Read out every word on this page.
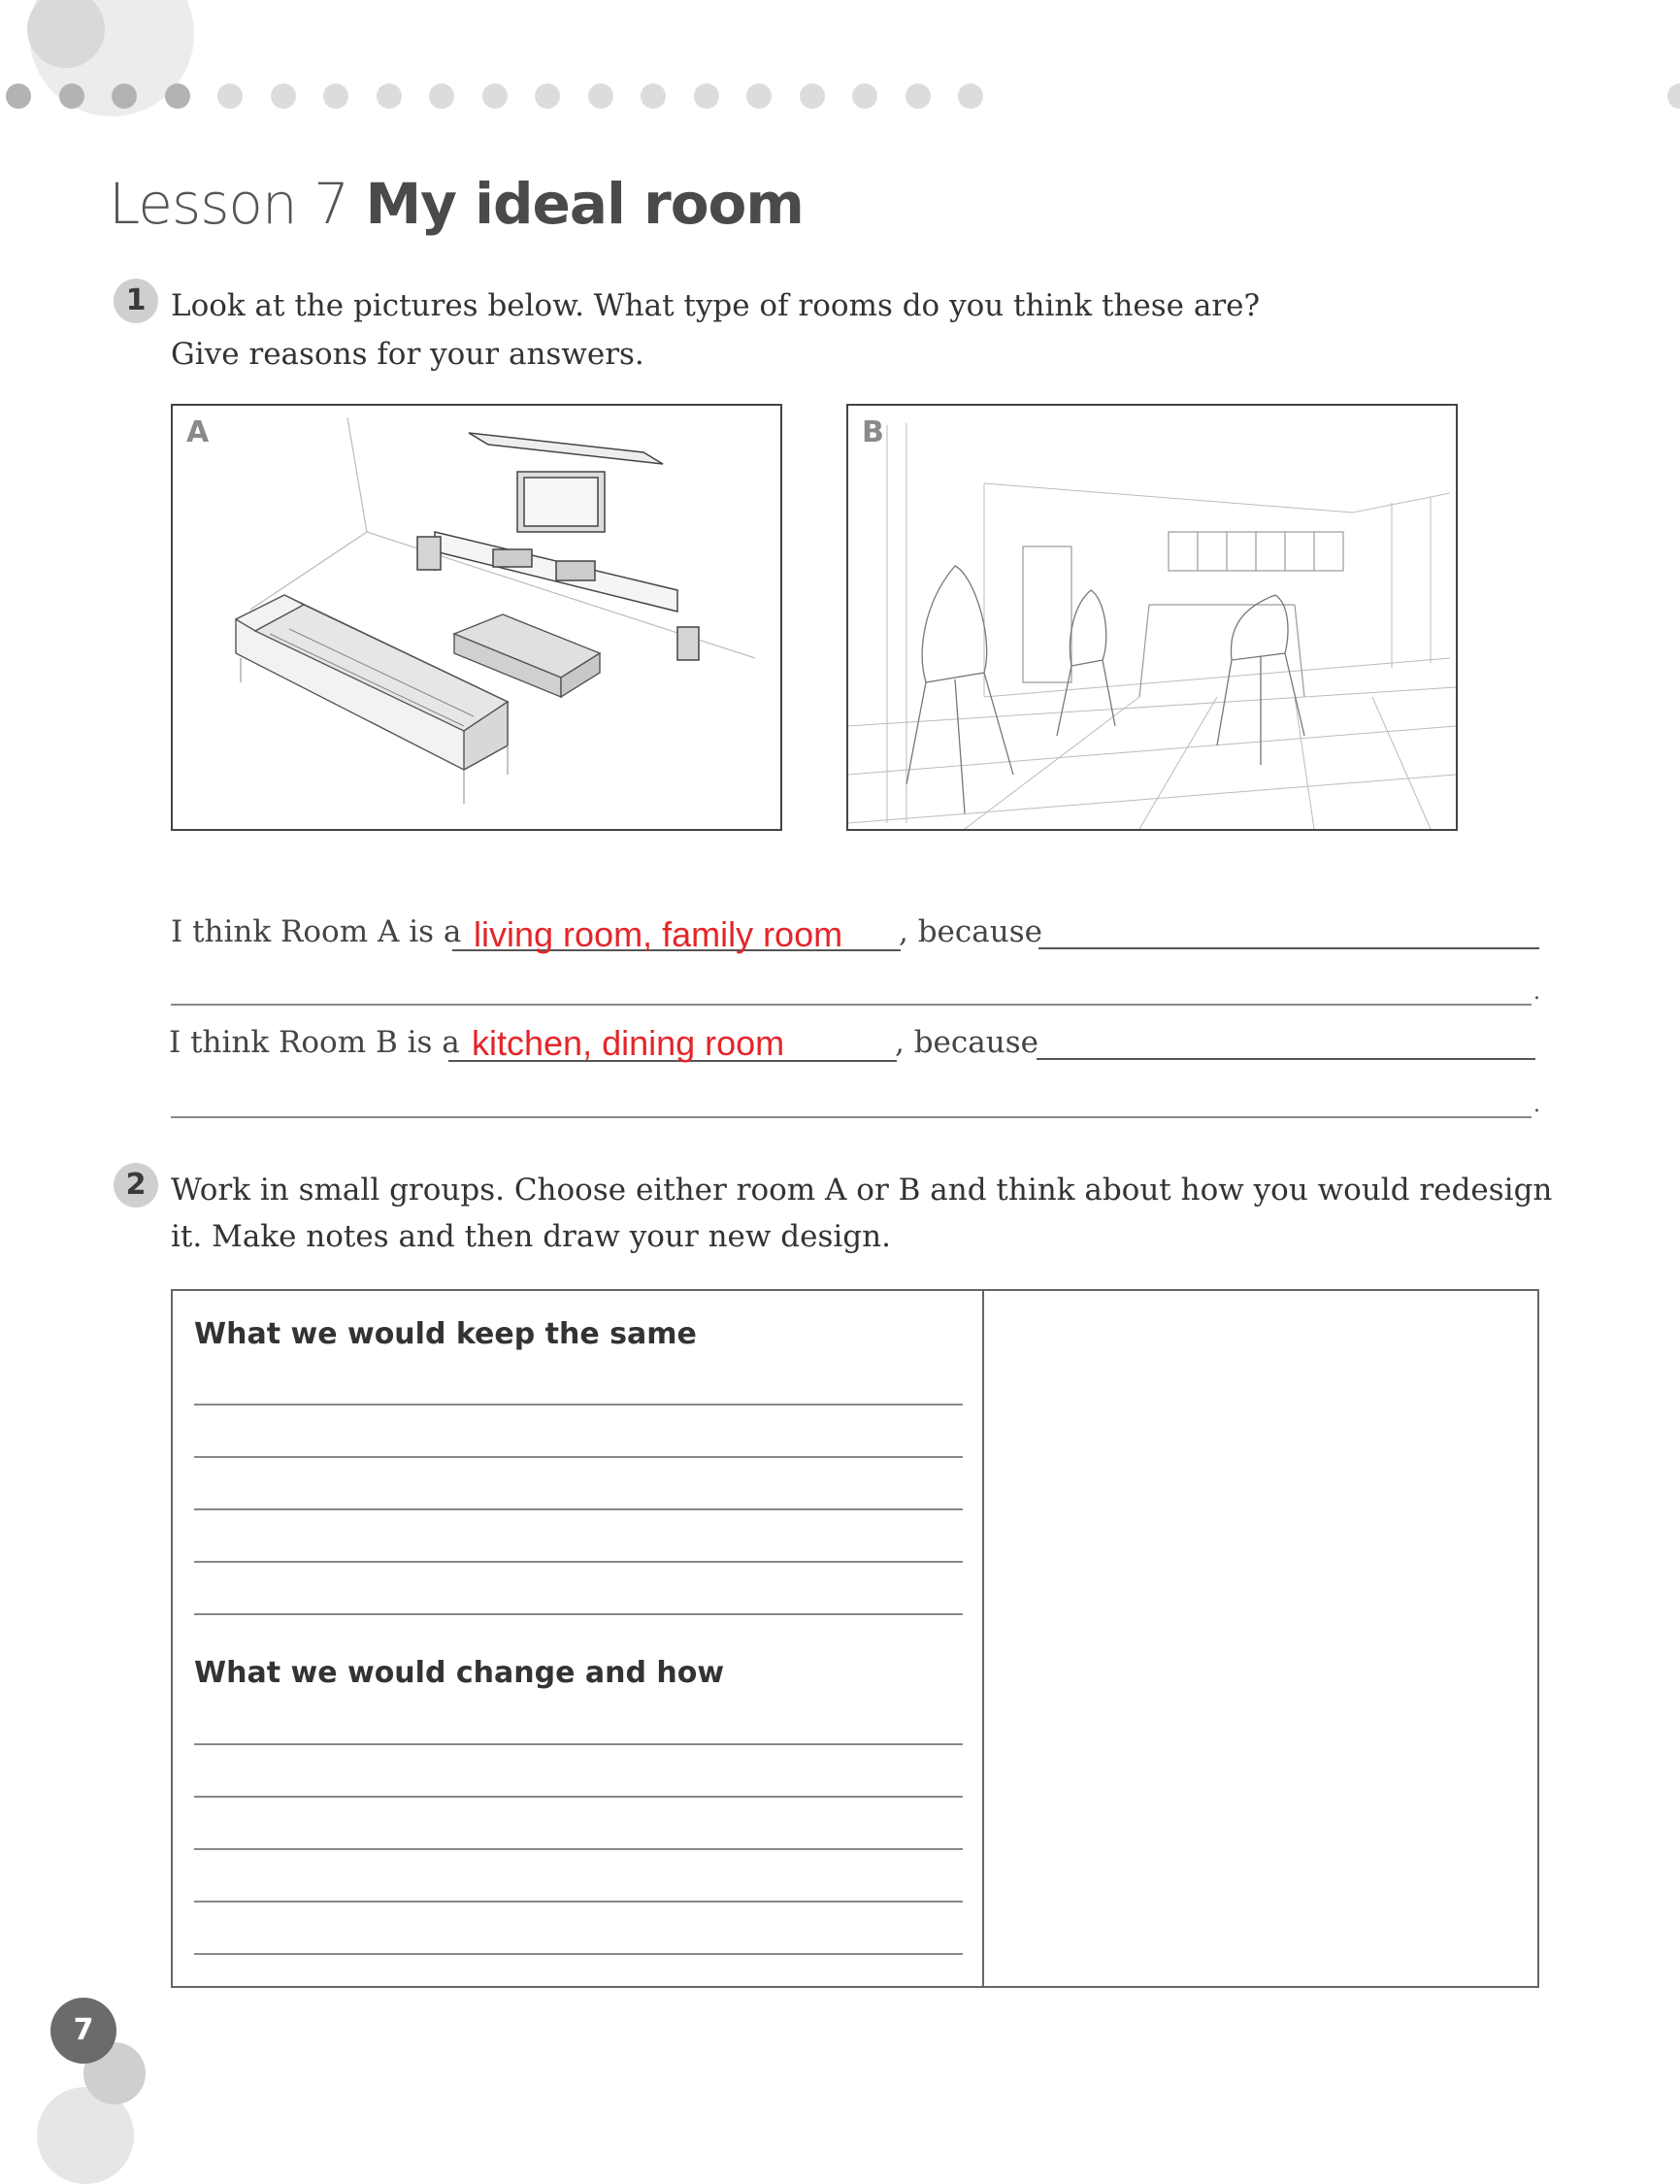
Lesson 7 My ideal room
1 Look at the pictures below. What type of rooms do you think these are?
Give reasons for your answers.
A	B
I think Room A is a living room, family room , because
.
I think Room B is a kitchen, dining room	, because
.
2 Work in small groups. Choose either room A or B and think about how you would redesign
it. Make notes and then draw your new design.
What we would keep the same
What we would change and how
7
